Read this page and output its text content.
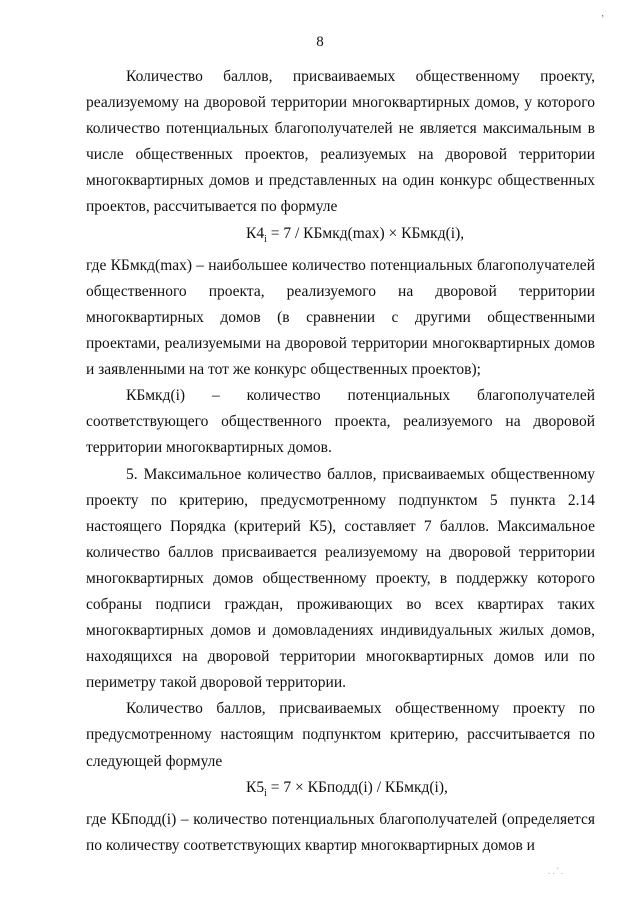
,
8

Количество баллов, присваиваемых общественному проекту, реализуемому на дворовой территории многоквартирных домов, у которого количество потенциальных благополучателей не является максимальным в числе общественных проектов, реализуемых на дворовой территории многоквартирных домов и представленных на один конкурс общественных проектов, рассчитывается по формуле

$К4_i = 7$ / КБмкд(max) × КБмкд(i),

где КБмкд(max) – наибольшее количество потенциальных благополучателей общественного проекта, реализуемого на дворовой территории многоквартирных домов (в сравнении с другими общественными проектами, реализуемыми на дворовой территории многоквартирных домов и заявленными на тот же конкурс общественных проектов);

КБмкд(i) – количество потенциальных благополучателей соответствующего общественного проекта, реализуемого на дворовой территории многоквартирных домов.

5. Максимальное количество баллов, присваиваемых общественному проекту по критерию, предусмотренному подпунктом 5 пункта 2.14 настоящего Порядка (критерий К5), составляет 7 баллов. Максимальное количество баллов присваивается реализуемому на дворовой территории многоквартирных домов общественному проекту, в поддержку которого собраны подписи граждан, проживающих во всех квартирах таких многоквартирных домов и домовладениях индивидуальных жилых домов, находящихся на дворовой территории многоквартирных домов или по периметру такой дворовой территории.

Количество баллов, присваиваемых общественному проекту по предусмотренному настоящим подпунктом критерию, рассчитывается по следующей формуле

$К5_i = 7$ × КБподд(i) / КБмкд(i),

где КБподд(i) – количество потенциальных благополучателей (определяется по количеству соответствующих квартир многоквартирных домов и

. . ' .
